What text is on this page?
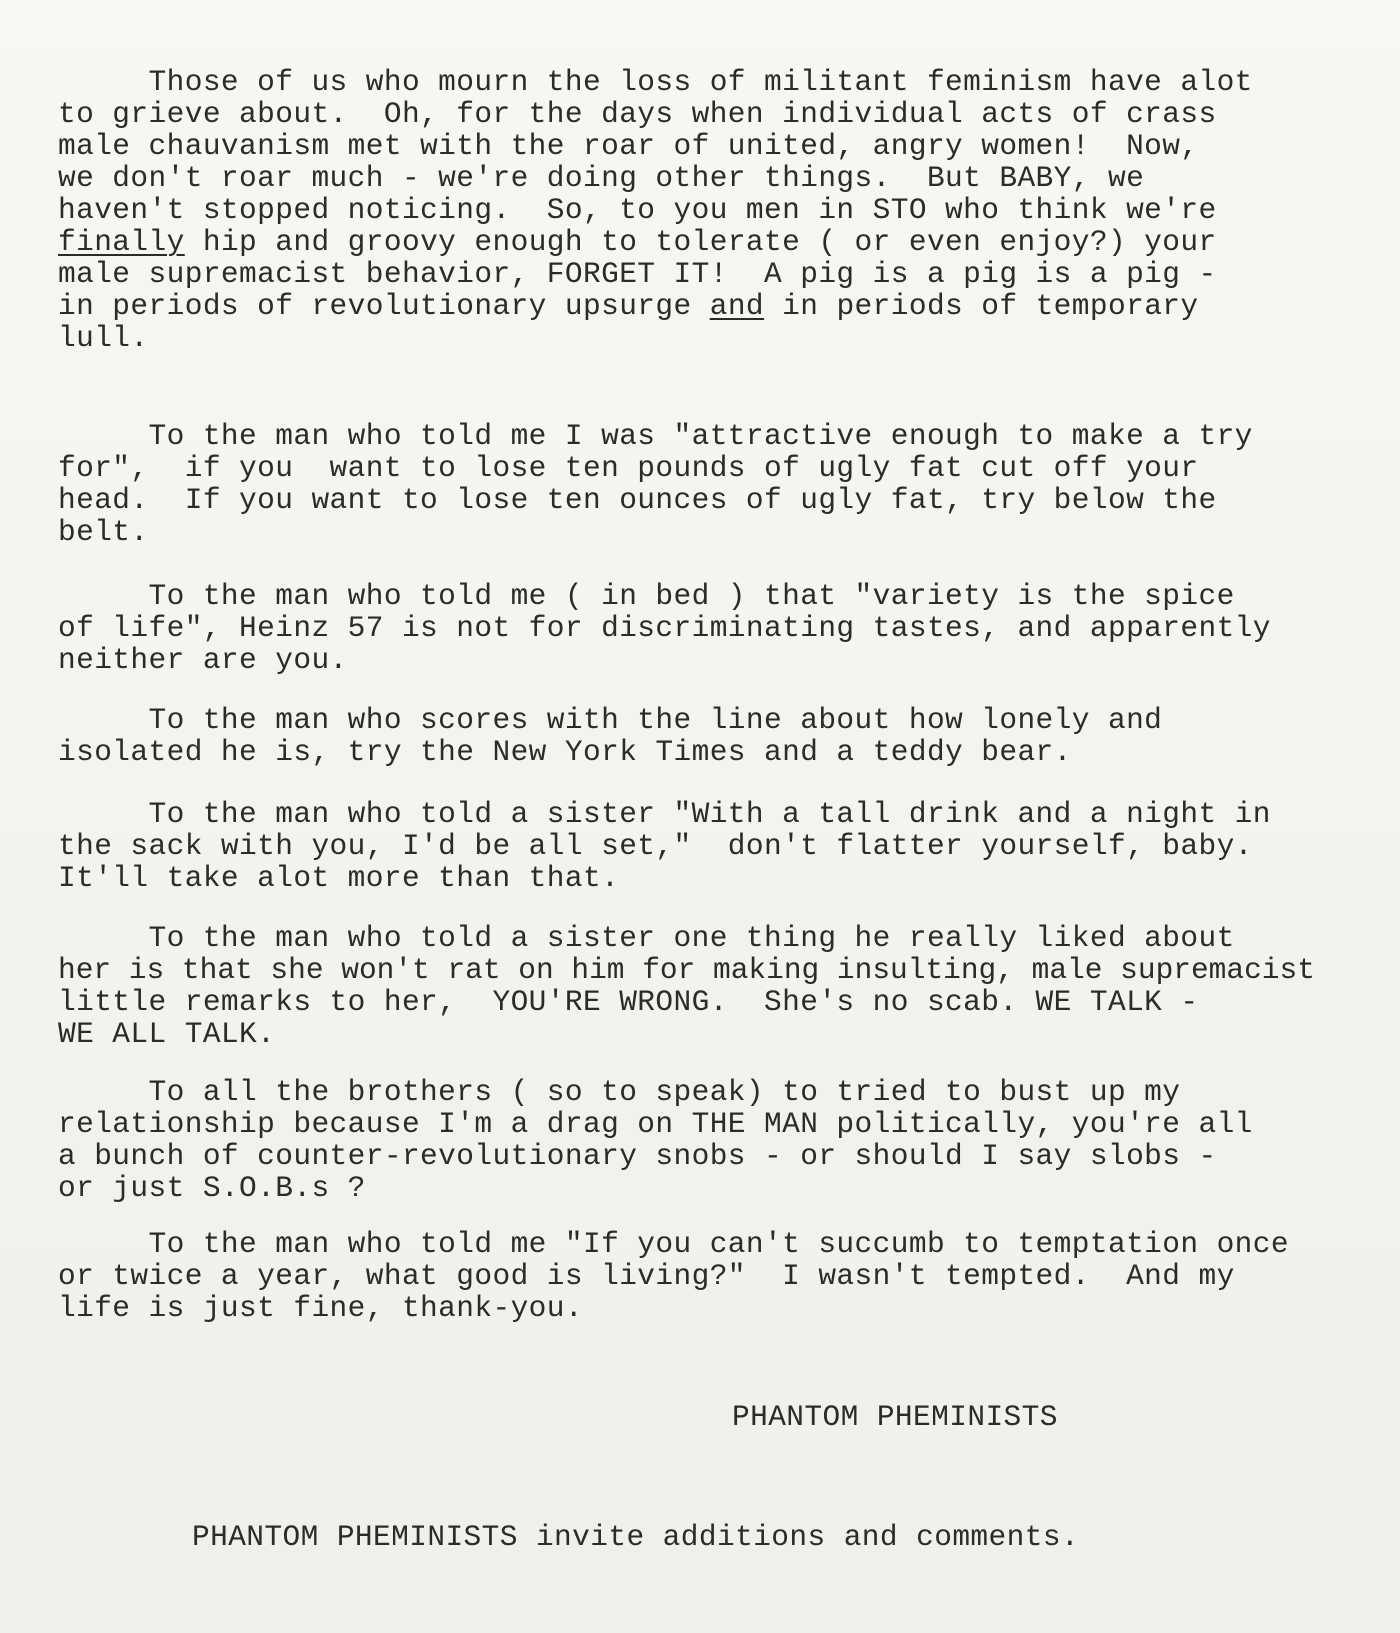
Those of us who mourn the loss of militant feminism have alot
to grieve about.  Oh, for the days when individual acts of crass
male chauvanism met with the roar of united, angry women!  Now,
we don't roar much - we're doing other things.  But BABY, we
haven't stopped noticing.  So, to you men in STO who think we're
finally hip and groovy enough to tolerate ( or even enjoy?) your
male supremacist behavior, FORGET IT!  A pig is a pig is a pig -
in periods of revolutionary upsurge and in periods of temporary
lull.
To the man who told me I was "attractive enough to make a try
for",  if you  want to lose ten pounds of ugly fat cut off your
head.  If you want to lose ten ounces of ugly fat, try below the
belt.
To the man who told me ( in bed ) that "variety is the spice
of life", Heinz 57 is not for discriminating tastes, and apparently
neither are you.
To the man who scores with the line about how lonely and
isolated he is, try the New York Times and a teddy bear.
To the man who told a sister "With a tall drink and a night in
the sack with you, I'd be all set,"  don't flatter yourself, baby.
It'll take alot more than that.
To the man who told a sister one thing he really liked about
her is that she won't rat on him for making insulting, male supremacist
little remarks to her,  YOU'RE WRONG.  She's no scab. WE TALK -
WE ALL TALK.
To all the brothers ( so to speak) to tried to bust up my
relationship because I'm a drag on THE MAN politically, you're all
a bunch of counter-revolutionary snobs - or should I say slobs -
or just S.O.B.s ?
To the man who told me "If you can't succumb to temptation once
or twice a year, what good is living?"  I wasn't tempted.  And my
life is just fine, thank-you.
PHANTOM PHEMINISTS
PHANTOM PHEMINISTS invite additions and comments.
